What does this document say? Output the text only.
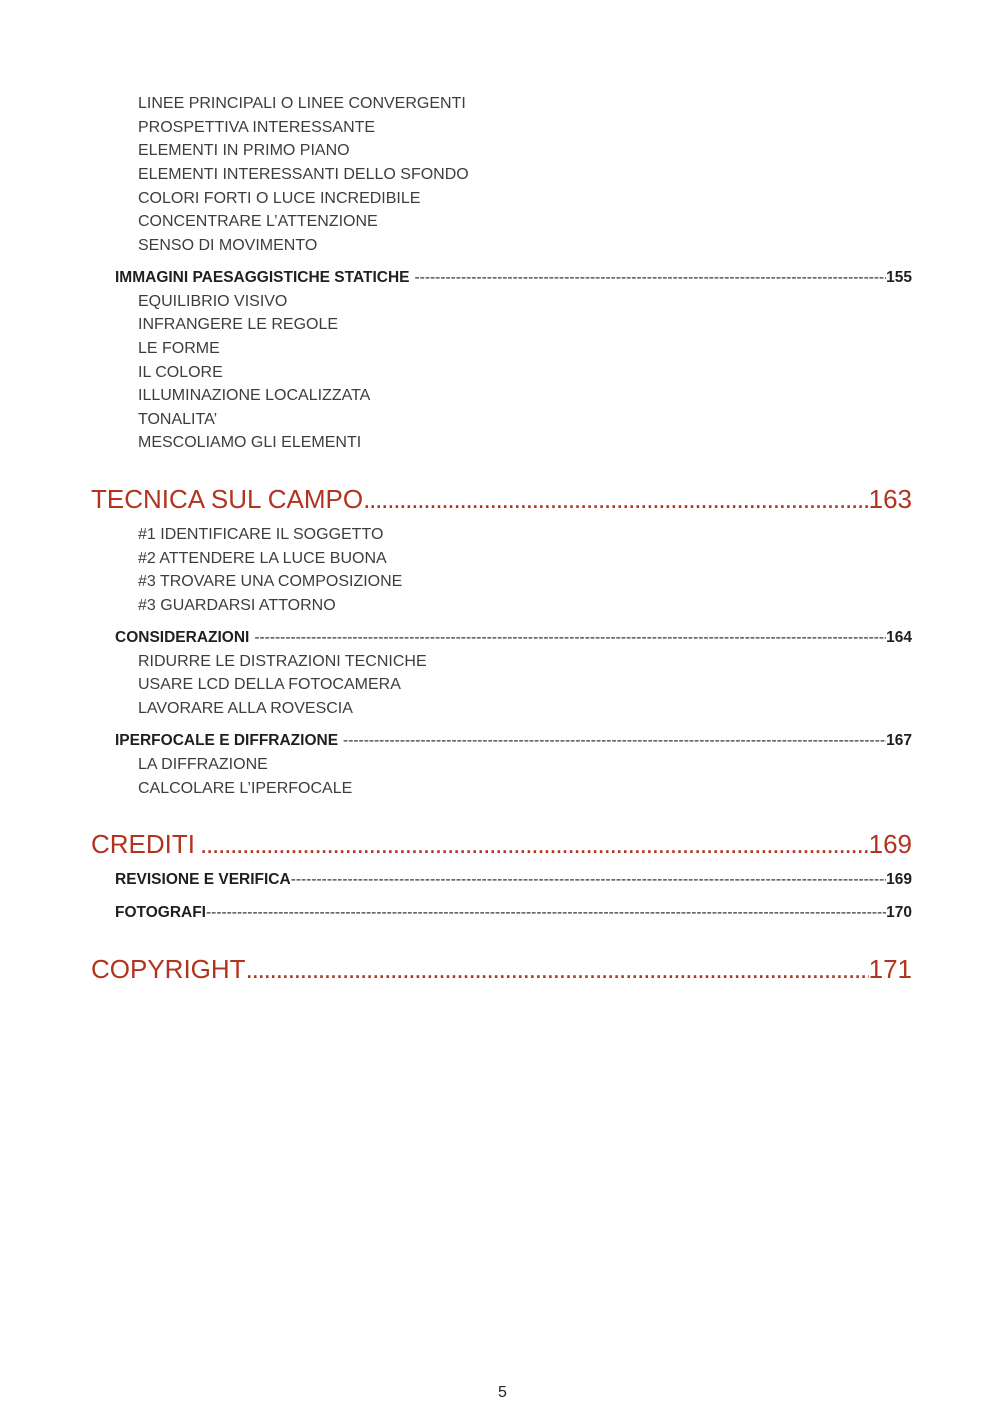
LINEE PRINCIPALI O LINEE CONVERGENTI
PROSPETTIVA INTERESSANTE
ELEMENTI IN PRIMO PIANO
ELEMENTI INTERESSANTI DELLO SFONDO
COLORI FORTI O LUCE INCREDIBILE
CONCENTRARE L’ATTENZIONE
SENSO DI MOVIMENTO
IMMAGINI PAESAGGISTICHE STATICHE -----	155
EQUILIBRIO VISIVO
INFRANGERE LE REGOLE
LE FORME
IL COLORE
ILLUMINAZIONE LOCALIZZATA
TONALITA’
MESCOLIAMO GLI ELEMENTI
TECNICA SUL CAMPO .....	163
#1 IDENTIFICARE IL SOGGETTO
#2 ATTENDERE LA LUCE BUONA
#3 TROVARE UNA COMPOSIZIONE
#3 GUARDARSI ATTORNO
CONSIDERAZIONI -----	164
RIDURRE LE DISTRAZIONI TECNICHE
USARE LCD DELLA FOTOCAMERA
LAVORARE ALLA ROVESCIA
IPERFOCALE E DIFFRAZIONE -----	167
LA DIFFRAZIONE
CALCOLARE L’IPERFOCALE
CREDITI .....	169
REVISIONE E VERIFICA -----	169
FOTOGRAFI -----	170
COPYRIGHT .....	171
5
